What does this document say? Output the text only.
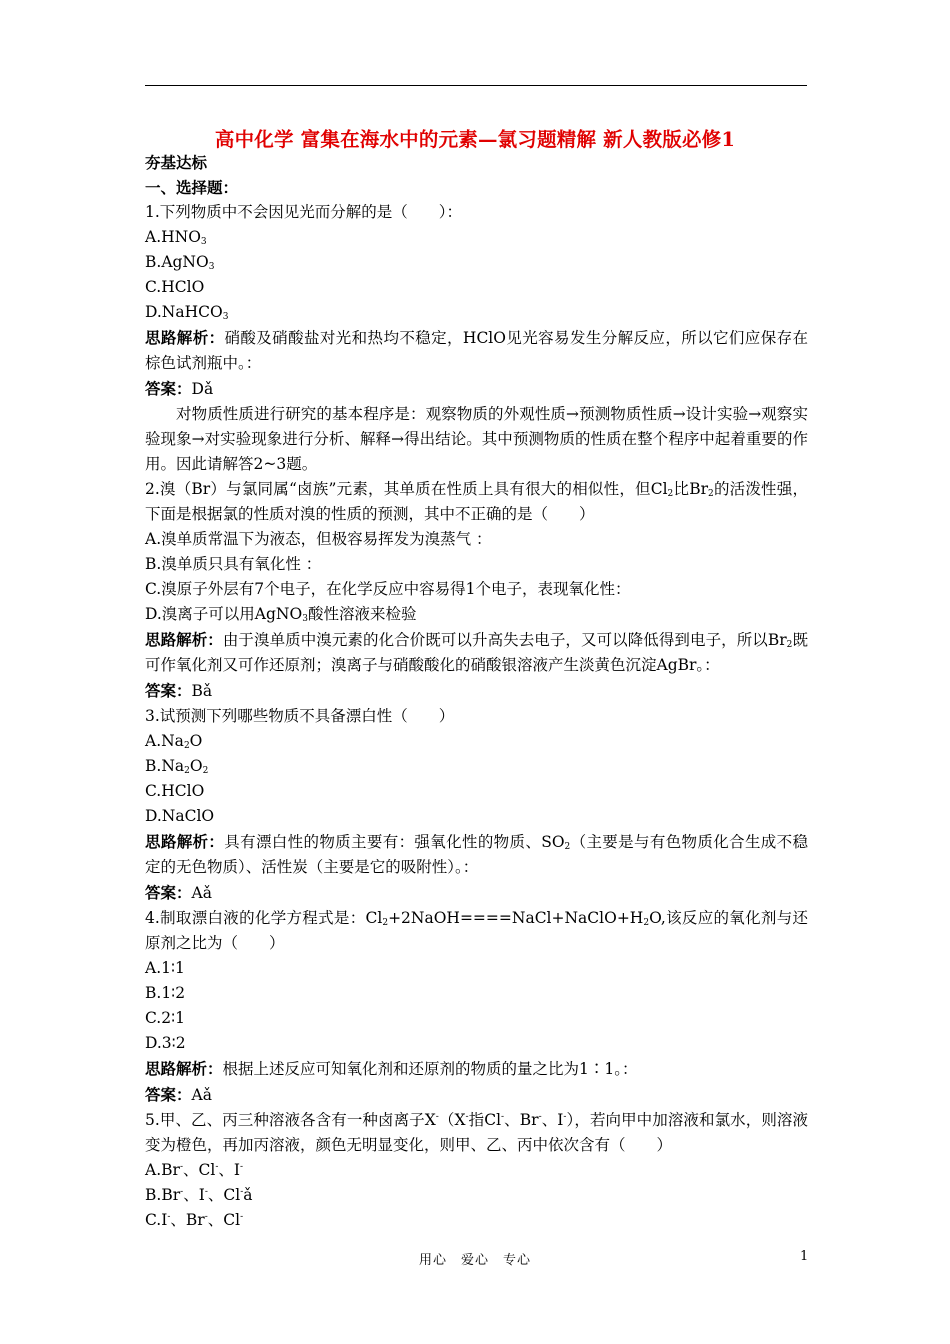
高中化学 富集在海水中的元素—氯习题精解 新人教版必修1
夯基达标
一、选择题：
1.下列物质中不会因见光而分解的是（　　）：
$A.HNO_3$
B.AgNO$_3$
C.HClO
D.NaHCO$_3$
思路解析：硝酸及硝酸盐对光和热均不稳定，HClO见光容易发生分解反应，所以它们应保存在棕色试剂瓶中。：
答案：Dǎ
对物质性质进行研究的基本程序是：观察物质的外观性质→预测物质性质→设计实验→观察实验现象→对实验现象进行分析、解释→得出结论。其中预测物质的性质在整个程序中起着重要的作用。因此请解答2~3题。
2.溴（Br）与氯同属“卤族”元素，其单质在性质上具有很大的相似性，但$Cl_2$比$Br_2$的活泼性强，下面是根据氯的性质对溴的性质的预测，其中不正确的是（　　）
A.溴单质常温下为液态，但极容易挥发为溴蒸气 ：
B.溴单质只具有氧化性 ：
C.溴原子外层有7个电子，在化学反应中容易得1个电子，表现氧化性：
D.溴离子可以用AgNO$_3$酸性溶液来检验
思路解析：由于溴单质中溴元素的化合价既可以升高失去电子，又可以降低得到电子，所以$Br_2$既可作氧化剂又可作还原剂；溴离子与硝酸酸化的硝酸银溶液产生淡黄色沉淀AgBr。：
答案：Bǎ
3.试预测下列哪些物质不具备漂白性（　　）
$A.Na_2O$
$B.Na_2O_2$
C.HClO
D.NaClO
思路解析：具有漂白性的物质主要有：强氧化性的物质、$SO_2$（主要是与有色物质化合生成不稳定的无色物质）、活性炭（主要是它的吸附性）。：
答案：Aǎ
4.制取漂白液的化学方程式是：$Cl_2+2NaOH====NaCl+NaClO+H_2O$,该反应的氧化剂与还原剂之比为（　　）
A.1∶1
B.1∶2
C.2∶1
D.3∶2
思路解析：根据上述反应可知氧化剂和还原剂的物质的量之比为1∶1。：
答案：Aǎ
5.甲、乙、丙三种溶液各含有一种卤离子X-（X-指Cl-、Br-、I-），若向甲中加溶液和氯水，则溶液变为橙色，再加丙溶液，颜色无明显变化，则甲、乙、丙中依次含有（　　）
A.Br-、Cl-、I-
B.Br-、I-、Cl-ǎ
C.I-、Br-、Cl-
用心　爱心　专心	1
